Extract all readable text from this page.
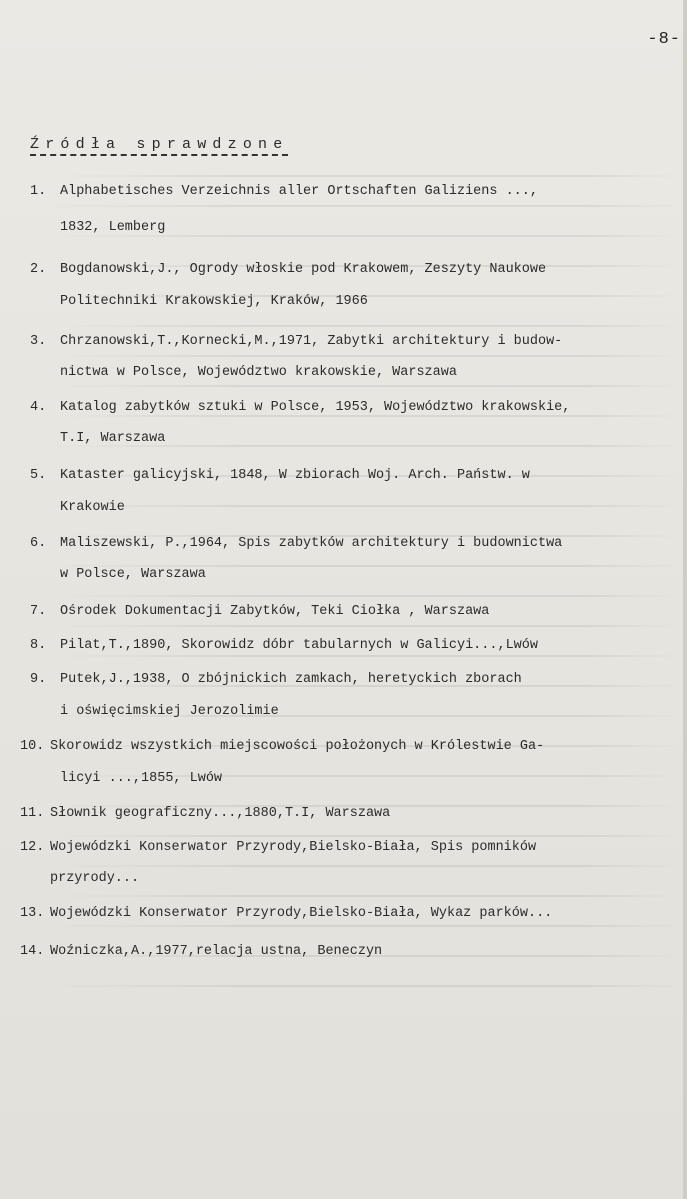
-8-
Źródła sprawdzone
1. Alphabetisches Verzeichnis aller Ortschaften Galiziens ...,
1832, Lemberg
2. Bogdanowski,J., Ogrody włoskie pod Krakowem, Zeszyty Naukowe
Politechniki Krakowskiej, Kraków, 1966
3. Chrzanowski,T.,Kornecki,M.,1971, Zabytki architektury i budow-
nictwa w Polsce, Województwo krakowskie, Warszawa
4. Katalog zabytków sztuki w Polsce, 1953, Województwo krakowskie,
T.I, Warszawa
5. Kataster galicyjski, 1848, W zbiorach Woj. Arch. Państw. w
Krakowie
6. Maliszewski, P.,1964, Spis zabytków architektury i budownictwa
w Polsce, Warszawa
7. Ośrodek Dokumentacji Zabytków, Teki Ciołka , Warszawa
8. Pilat,T.,1890, Skorowidz dóbr tabularnych w Galicyi...,Lwów
9. Putek,J.,1938, O zbójnickich zamkach, heretyckich zborach
i oświęcimskiej Jerozolimie
10. Skorowidz wszystkich miejscowości położonych w Królestwie Ga-
licyi ...,1855, Lwów
11. Słownik geograficzny...,1880,T.I, Warszawa
12. Wojewódzki Konserwator Przyrody,Bielsko-Biała, Spis pomników
przyrody...
13. Wojewódzki Konserwator Przyrody,Bielsko-Biała, Wykaz parków...
14. Woźniczka,A.,1977,relacja ustna, Beneczyn
